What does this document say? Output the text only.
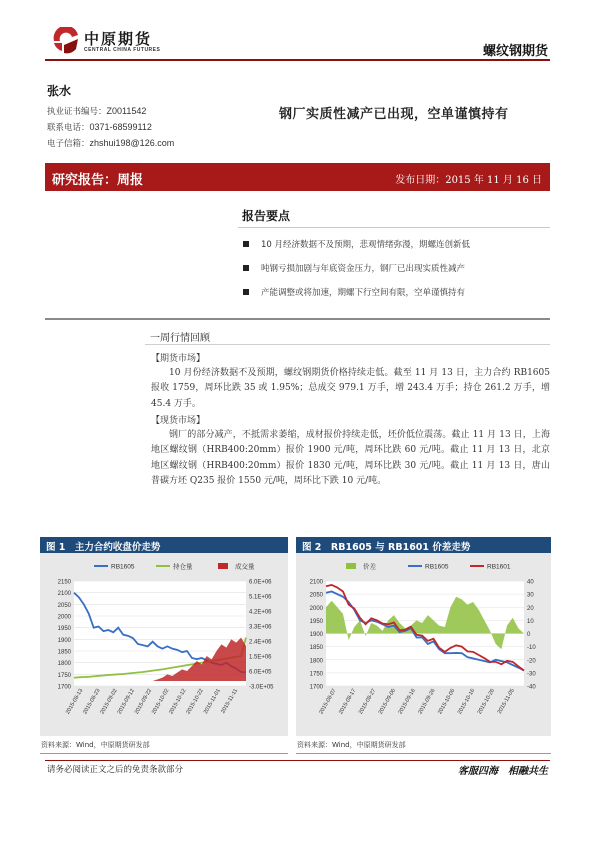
中原期货
CENTRAL CHINA FUTURES	螺纹钢期货
张水
执业证书编号：Z0011542
联系电话：0371-68599112
电子信箱：zhshui198@126.com
钢厂实质性减产已出现，空单谨慎持有
研究报告：周报	发布日期：2015 年 11 月 16 日
报告要点
10 月经济数据不及预期，悲观情绪弥漫，期螺连创新低
吨钢亏损加剧与年底资金压力，钢厂已出现实质性减产
产能调整或将加速，期螺下行空间有限，空单谨慎持有
一周行情回顾
【期货市场】
10 月份经济数据不及预期，螺纹钢期货价格持续走低。截至 11 月 13 日，主力合约 RB1605 报收 1759，周环比跌 35 或 1.95%；总成交 979.1 万手，增 243.4 万手；持仓 261.2 万手，增 45.4 万手。
【现货市场】
钢厂的部分减产，不抵需求萎缩，成材报价持续走低，坯价低位震荡。截止 11 月 13 日，上海地区螺纹钢（HRB400:20mm）报价 1900 元/吨，周环比跌 60 元/吨。截止 11 月 13 日，北京地区螺纹钢（HRB400:20mm）报价 1830 元/吨，周环比跌 30 元/吨。截止 11 月 13 日，唐山普碳方坯 Q235 报价 1550 元/吨，周环比下跌 10 元/吨。
图 1　主力合约收盘价走势
1700
1750
1800
1850
1900
1950
2000
2050
2100
2150
-3.0E+05
6.0E+05
1.5E+06
2.4E+06
3.3E+06
4.2E+06
5.1E+06
6.0E+06
2015-08-13
2015-08-23
2015-09-02
2015-09-12
2015-09-22
2015-10-02
2015-10-12
2015-10-22
2015-11-01
2015-11-11
RB1605	持仓量	成交量
资料来源：Wind，中原期货研发部
图 2　RB1605 与 RB1601 价差走势
1700
1750
1800
1850
1900
1950
2000
2050
2100
-40
-30
-20
-10
0
10
20
30
40
2015-08-07 2015-08-17 2015-08-27 2015-09-06 2015-09-16 2015-09-26 2015-10-06 2015-10-16 2015-10-26 2015-11-05
价差	RB1605	RB1601
资料来源：Wind，中原期货研发部
请务必阅读正文之后的免责条款部分	客服四海　相融共生
